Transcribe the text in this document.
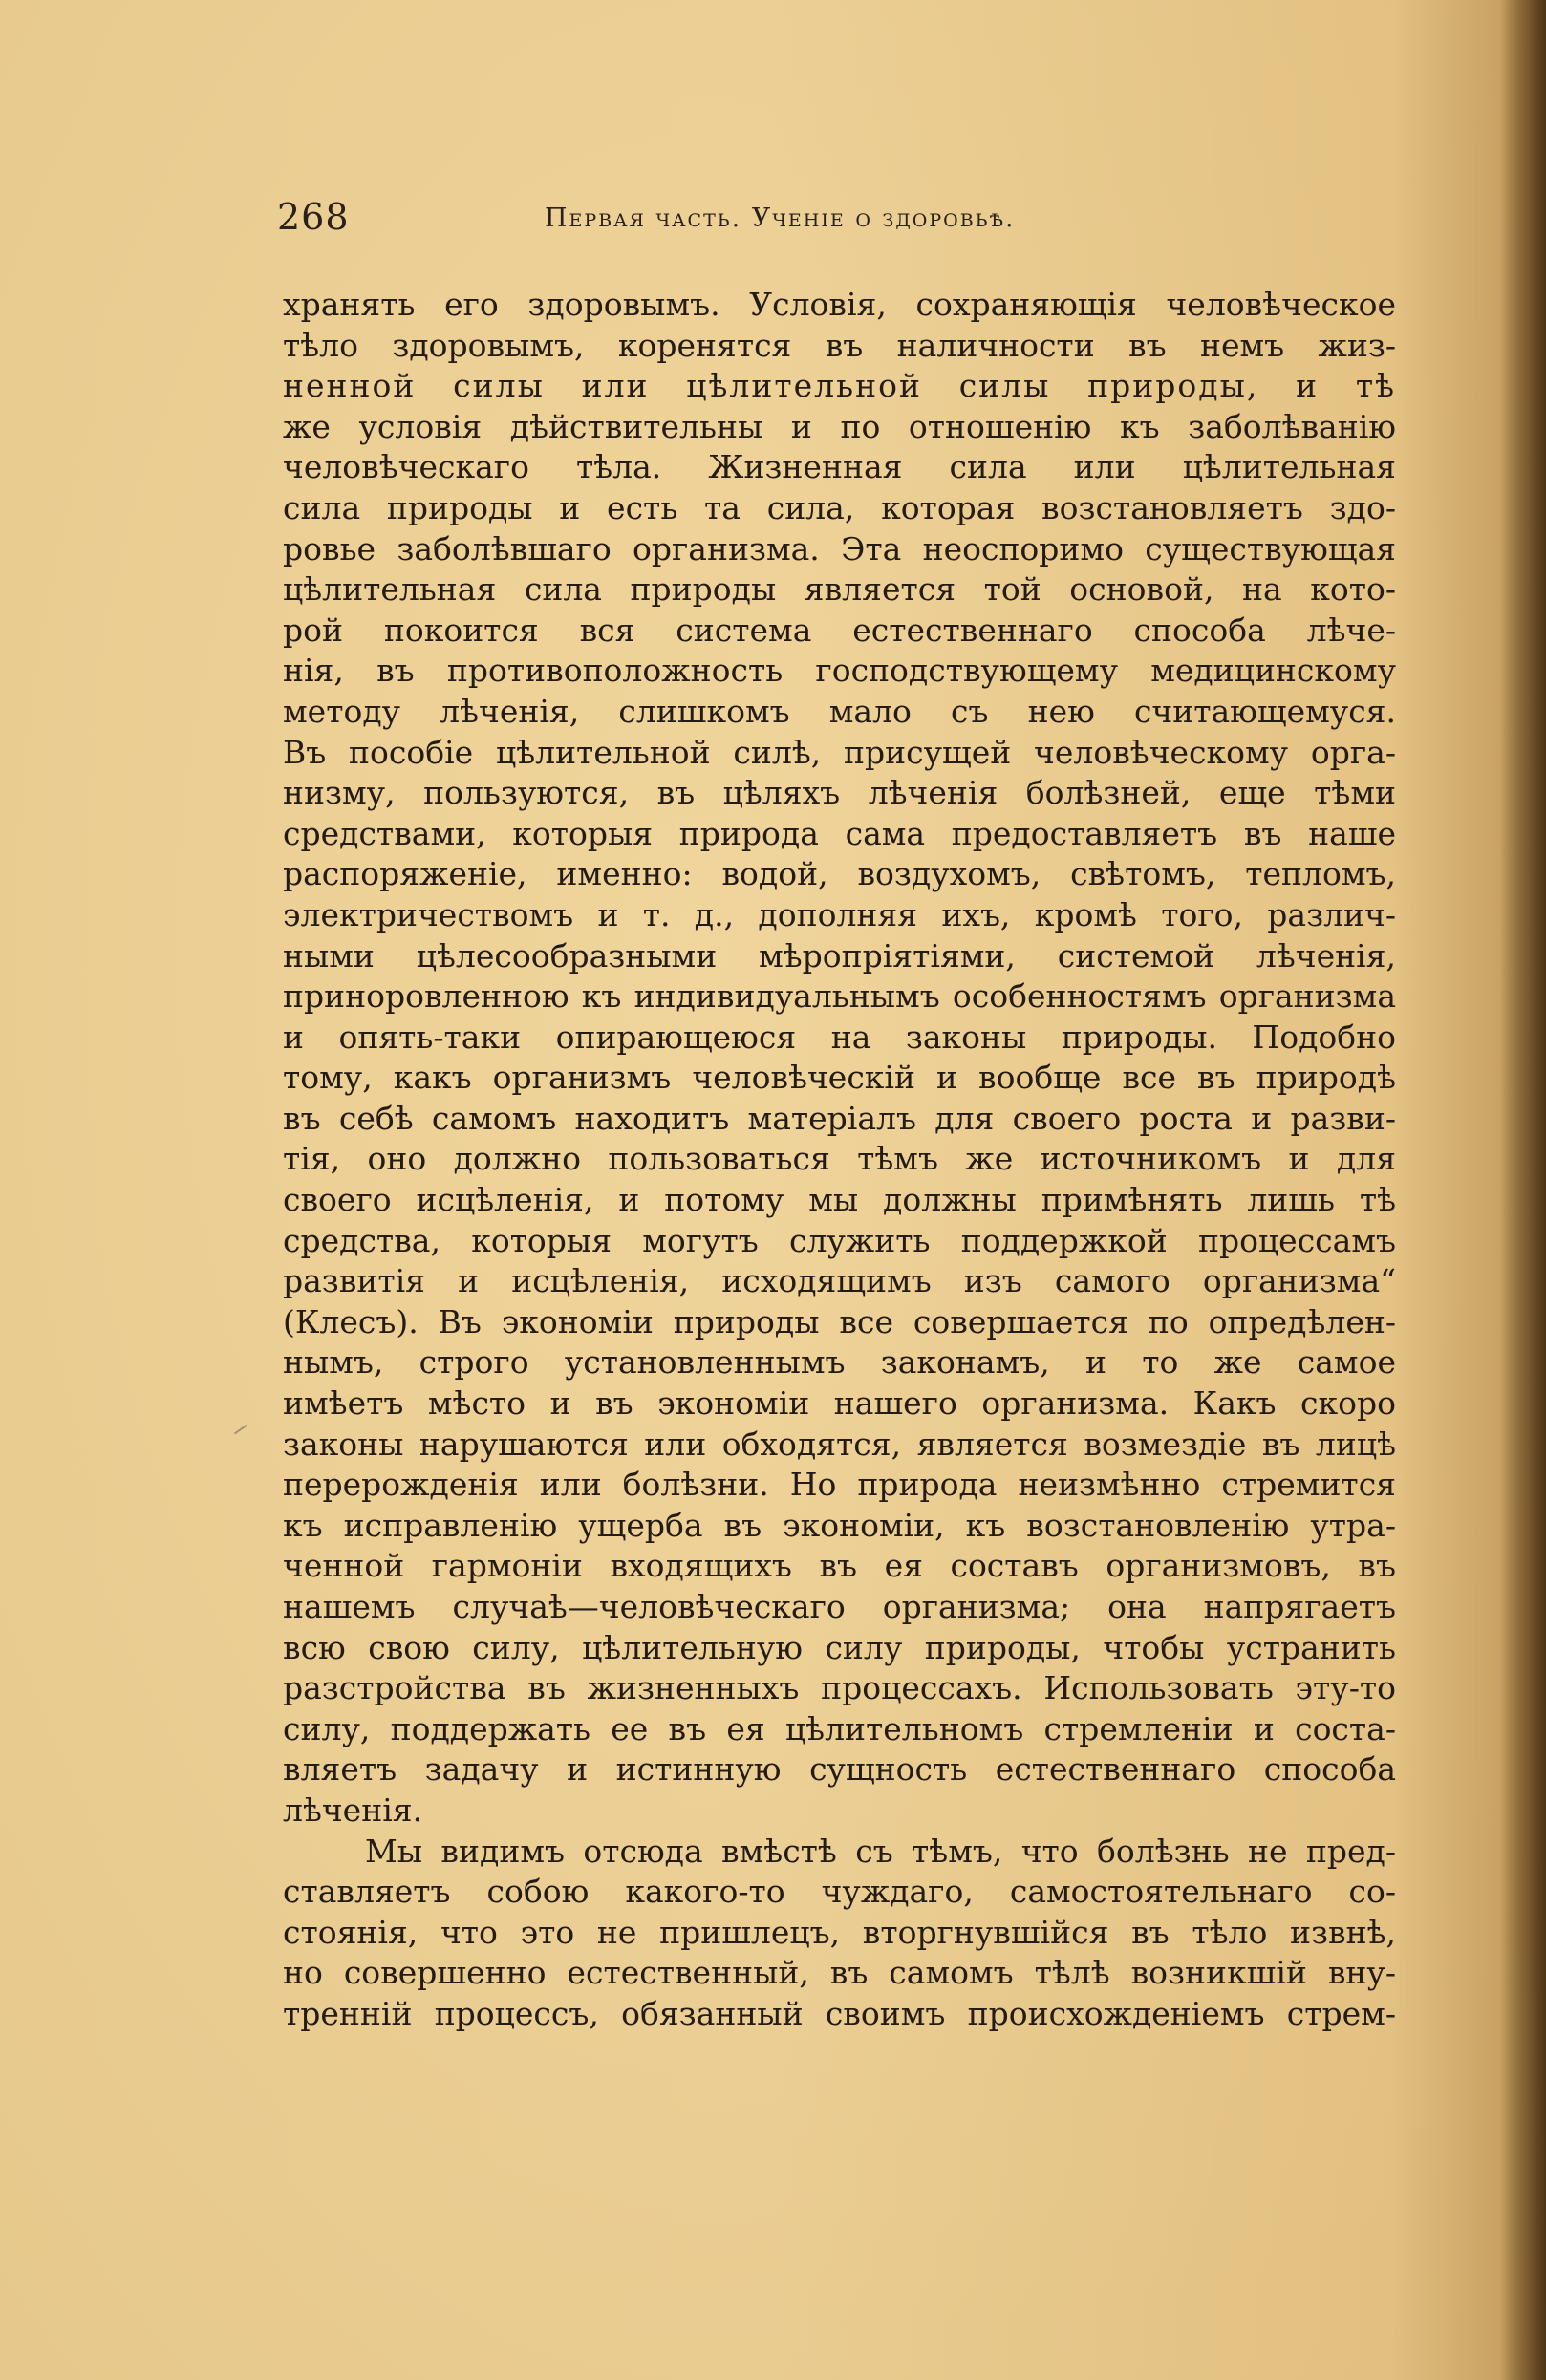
268	Первая часть. Ученіе о здоровьѣ.
хранять его здоровымъ. Условія, сохраняющія человѣческое
тѣло здоровымъ, коренятся въ наличности въ немъ жиз-
ненной силы или цѣлительной силы природы, и тѣ
же условія дѣйствительны и по отношенію къ заболѣванію
человѣческаго тѣла. Жизненная сила или цѣлительная
сила природы и есть та сила, которая возстановляетъ здо-
ровье заболѣвшаго организма. Эта неоспоримо существующая
цѣлительная сила природы является той основой, на кото-
рой покоится вся система естественнаго способа лѣче-
нія, въ противоположность господствующему медицинскому
методу лѣченія, слишкомъ мало съ нею считающемуся.
Въ пособіе цѣлительной силѣ, присущей человѣческому орга-
низму, пользуются, въ цѣляхъ лѣченія болѣзней, еще тѣми
средствами, которыя природа сама предоставляетъ въ наше
распоряженіе, именно: водой, воздухомъ, свѣтомъ, тепломъ,
электричествомъ и т. д., дополняя ихъ, кромѣ того, различ-
ными цѣлесообразными мѣропріятіями, системой лѣченія,
приноровленною къ индивидуальнымъ особенностямъ организма
и опять-таки опирающеюся на законы природы. Подобно
тому, какъ организмъ человѣческій и вообще все въ природѣ
въ себѣ самомъ находитъ матеріалъ для своего роста и разви-
тія, оно должно пользоваться тѣмъ же источникомъ и для
своего исцѣленія, и потому мы должны примѣнять лишь тѣ
средства, которыя могутъ служить поддержкой процессамъ
развитія и исцѣленія, исходящимъ изъ самого организма“
(Клесъ). Въ экономіи природы все совершается по опредѣлен-
нымъ, строго установленнымъ законамъ, и то же самое
имѣетъ мѣсто и въ экономіи нашего организма. Какъ скоро
законы нарушаются или обходятся, является возмездіе въ лицѣ
перерожденія или болѣзни. Но природа неизмѣнно стремится
къ исправленію ущерба въ экономіи, къ возстановленію утра-
ченной гармоніи входящихъ въ ея составъ организмовъ, въ
нашемъ случаѣ—человѣческаго организма; она напрягаетъ
всю свою силу, цѣлительную силу природы, чтобы устранить
разстройства въ жизненныхъ процессахъ. Использовать эту-то
силу, поддержать ее въ ея цѣлительномъ стремленіи и соста-
вляетъ задачу и истинную сущность естественнаго способа
лѣченія.
Мы видимъ отсюда вмѣстѣ съ тѣмъ, что болѣзнь не пред-
ставляетъ собою какого-то чуждаго, самостоятельнаго со-
стоянія, что это не пришлецъ, вторгнувшійся въ тѣло извнѣ,
но совершенно естественный, въ самомъ тѣлѣ возникшій вну-
тренній процессъ, обязанный своимъ происхожденіемъ стрем-
